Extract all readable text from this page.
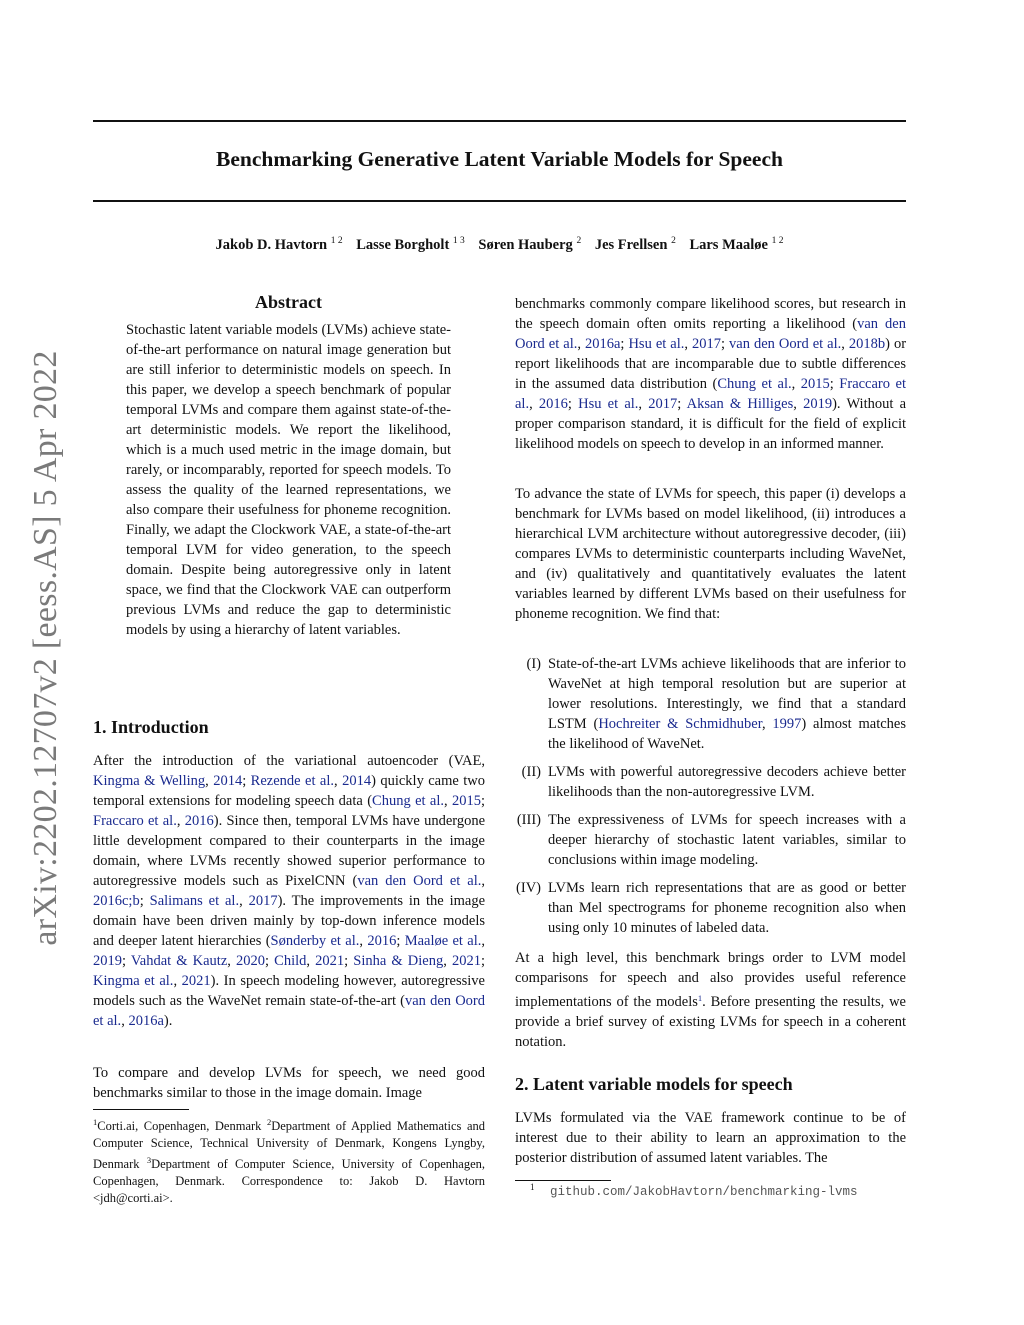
Benchmarking Generative Latent Variable Models for Speech
Jakob D. Havtorn $^{1 2}$ Lasse Borgholt $^{1 3}$ Søren Hauberg $^2$ Jes Frellsen $^2$ Lars Maaløe $^{1 2}$
arXiv:2202.12707v2 [eess.AS] 5 Apr 2022
Abstract
Stochastic latent variable models (LVMs) achieve state-of-the-art performance on natural image generation but are still inferior to deterministic models on speech. In this paper, we develop a speech benchmark of popular temporal LVMs and compare them against state-of-the-art deterministic models. We report the likelihood, which is a much used metric in the image domain, but rarely, or incomparably, reported for speech models. To assess the quality of the learned representations, we also compare their usefulness for phoneme recognition. Finally, we adapt the Clockwork VAE, a state-of-the-art temporal LVM for video generation, to the speech domain. Despite being autoregressive only in latent space, we find that the Clockwork VAE can outperform previous LVMs and reduce the gap to deterministic models by using a hierarchy of latent variables.
1. Introduction

After the introduction of the variational autoencoder (VAE, Kingma & Welling, 2014; Rezende et al., 2014) quickly came two temporal extensions for modeling speech data (Chung et al., 2015; Fraccaro et al., 2016). Since then, temporal LVMs have undergone little development compared to their counterparts in the image domain, where LVMs recently showed superior performance to autoregressive models such as PixelCNN (van den Oord et al., 2016c;b; Salimans et al., 2017). The improvements in the image domain have been driven mainly by top-down inference models and deeper latent hierarchies (Sønderby et al., 2016; Maaløe et al., 2019; Vahdat & Kautz, 2020; Child, 2021; Sinha & Dieng, 2021; Kingma et al., 2021). In speech modeling however, autoregressive models such as the WaveNet remain state-of-the-art (van den Oord et al., 2016a).

To compare and develop LVMs for speech, we need good benchmarks similar to those in the image domain. Image

$^1$Corti.ai, Copenhagen, Denmark $^2$Department of Applied Mathematics and Computer Science, Technical University of Denmark, Kongens Lyngby, Denmark $^3$Department of Computer Science, University of Copenhagen, Copenhagen, Denmark. Correspondence to: Jakob D. Havtorn <jdh@corti.ai>.

benchmarks commonly compare likelihood scores, but research in the speech domain often omits reporting a likelihood (van den Oord et al., 2016a; Hsu et al., 2017; van den Oord et al., 2018b) or report likelihoods that are incomparable due to subtle differences in the assumed data distribution (Chung et al., 2015; Fraccaro et al., 2016; Hsu et al., 2017; Aksan & Hilliges, 2019). Without a proper comparison standard, it is difficult for the field of explicit likelihood models on speech to develop in an informed manner.

To advance the state of LVMs for speech, this paper (i) develops a benchmark for LVMs based on model likelihood, (ii) introduces a hierarchical LVM architecture without autoregressive decoder, (iii) compares LVMs to deterministic counterparts including WaveNet, and (iv) qualitatively and quantitatively evaluates the latent variables learned by different LVMs based on their usefulness for phoneme recognition. We find that:

(I) State-of-the-art LVMs achieve likelihoods that are inferior to WaveNet at high temporal resolution but are superior at lower resolutions. Interestingly, we find that a standard LSTM (Hochreiter & Schmidhuber, 1997) almost matches the likelihood of WaveNet.
(II) LVMs with powerful autoregressive decoders achieve better likelihoods than the non-autoregressive LVM.
(III) The expressiveness of LVMs for speech increases with a deeper hierarchy of stochastic latent variables, similar to conclusions within image modeling.
(IV) LVMs learn rich representations that are as good or better than Mel spectrograms for phoneme recognition also when using only 10 minutes of labeled data.

At a high level, this benchmark brings order to LVM model comparisons for speech and also provides useful reference implementations of the models$^1$. Before presenting the results, we provide a brief survey of existing LVMs for speech in a coherent notation.

2. Latent variable models for speech

LVMs formulated via the VAE framework continue to be of interest due to their ability to learn an approximation to the posterior distribution of assumed latent variables. The

1 github.com/JakobHavtorn/benchmarking-lvms
